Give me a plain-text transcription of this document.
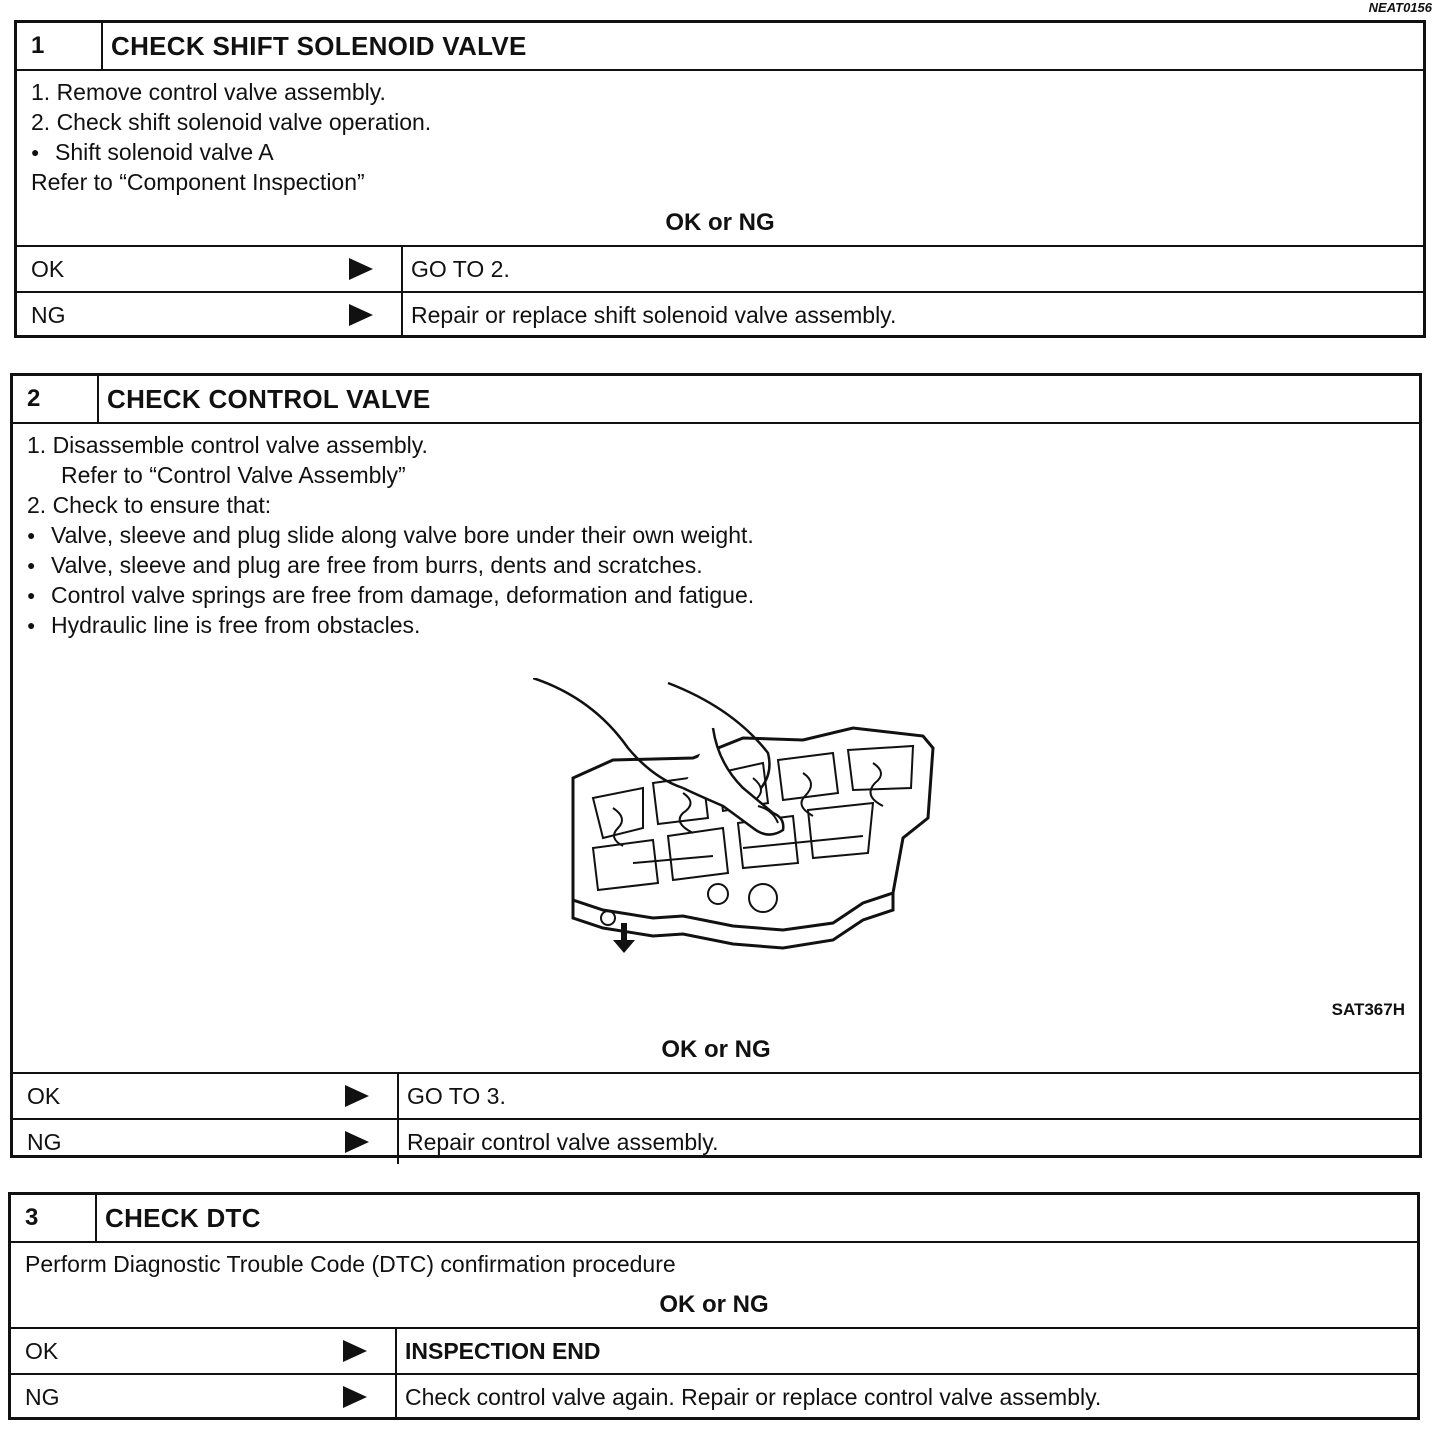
NEAT0156
1	CHECK SHIFT SOLENOID VALVE
1. Remove control valve assembly.
2. Check shift solenoid valve operation.
● Shift solenoid valve A
Refer to “Component Inspection”
OK or NG
OK	GO TO 2.
NG	Repair or replace shift solenoid valve assembly.
2	CHECK CONTROL VALVE
1. Disassemble control valve assembly.
Refer to “Control Valve Assembly”
2. Check to ensure that:
● Valve, sleeve and plug slide along valve bore under their own weight.
● Valve, sleeve and plug are free from burrs, dents and scratches.
● Control valve springs are free from damage, deformation and fatigue.
● Hydraulic line is free from obstacles.
SAT367H
OK or NG
OK	GO TO 3.
NG	Repair control valve assembly.
3	CHECK DTC
Perform Diagnostic Trouble Code (DTC) confirmation procedure
OK or NG
OK	INSPECTION END
NG	Check control valve again. Repair or replace control valve assembly.
